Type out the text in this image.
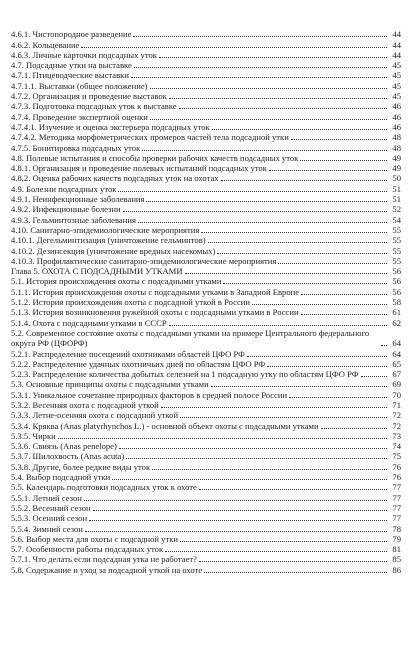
4.6.1. Чистопородное разведение	44
4.6.2. Кольцевание	44
4.6.3. Личные карточки подсадных уток	44
4.7. Подсадные утки на выставке	45
4.7.1. Птицеводческие выставки	45
4.7.1.1. Выставки (общее положение)	45
4.7.2. Организация и проведение выставок	45
4.7.3. Подготовка подсадных уток к выставке	46
4.7.4. Проведение экспертной оценки	46
4.7.4.1. Изучение и оценка экстерьера подсадных уток	46
4.7.4.2. Методика морфометрических промеров частей тела подсадной утки	48
4.7.5. Бонитировка подсадных уток	48
4.8. Полевые испытания и способы проверки рабочих качеств подсадных уток	49
4.8.1. Организация и проведение полевых испытаний подсадных уток	49
4.8.2. Оценка рабочих качеств подсадных уток на охотах	50
4.9. Болезни подсадных уток	51
4.9.1. Неинфекционные заболевания	51
4.9.2. Инфекционные болезни	52
4.9.3. Гельминтозные заболевания	54
4.10. Санитарно-эпидемиологические мероприятия	55
4.10.1. Дегельминтизация (уничтожение гельминтов)	55
4.10.2. Дезинсекция (уничтожение вредных насекомых)	55
4.10.3. Профилактические санитарно-эпидемиологические мероприятия	55
Глава 5. ОХОТА С ПОДСАДНЫМИ УТКАМИ	56
5.1. История происхождения охоты с подсадными утками	56
5.1.1. История происхождения охоты с подсадными утками в Западной Европе	56
5.1.2. История происхождения охоты с подсадной уткой в России	58
5.1.3. История возникновения ружейной охоты с подсадными утками в России	61
5.1.4. Охота с подсадными утками в СССР	62
5.2. Современное состояние охоты с подсадными утками на примере Центрального федерального округа РФ (ЦФОРФ)	64
5.2.1. Распределение посещений охотниками областей ЦФО РФ	64
5.2.2. Распределение удачных охотничьих дней по областям ЦФО РФ	65
5.2.3. Распределение количества добытых селезней на 1 подсадную утку по областям ЦФО РФ	67
5.3. Основные принципы охоты с подсадными утками	69
5.3.1. Уникальное сочетание природных факторов в средней полосе России	70
5.3.2. Весенняя охота с подсадной уткой	71
5.3.3. Летне-осенняя охота с подсадной уткой	72
5.3.4. Кряква (Anas platyrhynchos L.) - основной объект охоты с подсадными утками	72
5.3.5. Чирки	73
5.3.6. Свиязь (Anas penelope)	74
5.3.7. Шилохвость (Anas acuta)	75
5.3.8. Другие, более редкие виды уток	76
5.4. Выбор подсадной утки	76
5.5. Календарь подготовки подсадных уток к охоте	77
5.5.1. Летний сезон	77
5.5.2. Весенний сезон	77
5.5.3. Осенний сезон	77
5.5.4. Зимний сезон	78
5.6. Выбор места для охоты с подсадной утки	79
5.7. Особенности работы подсадных уток	81
5.7.1. Что делать если подсадная утка не работает?	85
5.8. Содержание и уход за подсадной уткой на охоте	86
